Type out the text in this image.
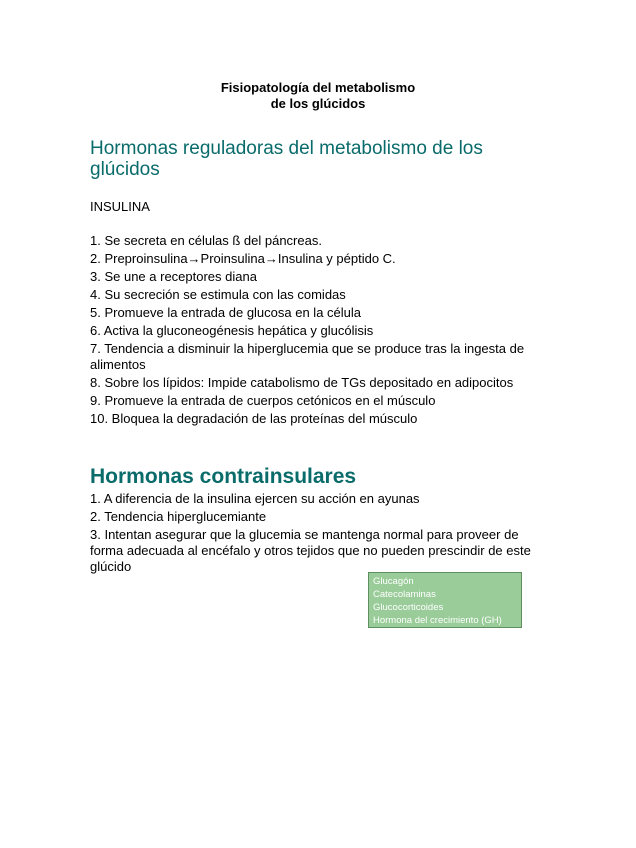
Fisiopatología del metabolismo
de los glúcidos
Hormonas reguladoras del metabolismo de los glúcidos

INSULINA

1. Se secreta en células ß del páncreas.
2. Preproinsulina→Proinsulina→Insulina y péptido C.
3. Se une a receptores diana
4. Su secreción se estimula con las comidas
5. Promueve la entrada de glucosa en la célula
6. Activa la gluconeogénesis hepática y glucólisis
7. Tendencia a disminuir la hiperglucemia que se produce tras la ingesta de alimentos
8. Sobre los lípidos: Impide catabolismo de TGs depositado en adipocitos
9. Promueve la entrada de cuerpos cetónicos en el músculo
10. Bloquea la degradación de las proteínas del músculo
Hormonas contrainsulares
1. A diferencia de la insulina ejercen su acción en ayunas
2. Tendencia hiperglucemiante
3. Intentan asegurar que la glucemia se mantenga normal para proveer de forma adecuada al encéfalo y otros tejidos que no pueden prescindir de este glúcido
Glucagón
Catecolaminas
Glucocorticoides
Hormona del crecimiento (GH)
